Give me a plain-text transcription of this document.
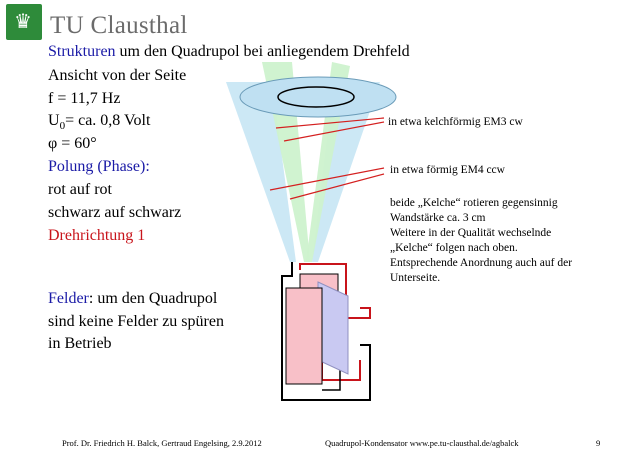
♛ TU Clausthal
Strukturen um den Quadrupol bei anliegendem Drehfeld
Ansicht von der Seite
f = 11,7 Hz
$U_0=$ ca. 0,8 Volt
φ = 60°
Polung (Phase):
rot auf rot
schwarz auf schwarz
Drehrichtung 1
Felder: um den Quadrupol
sind keine Felder zu spüren
in Betrieb
in etwa kelchförmig EM3 cw
in etwa förmig EM4 ccw
beide „Kelche“ rotieren gegensinnig
Wandstärke ca. 3 cm
Weitere in der Qualität wechselnde
„Kelche“ folgen nach oben.
Entsprechende Anordnung auch auf der
Unterseite.
Prof. Dr. Friedrich H. Balck, Gertraud Engelsing, 2.9.2012	Quadrupol-Kondensator www.pe.tu-clausthal.de/agbalck	9
